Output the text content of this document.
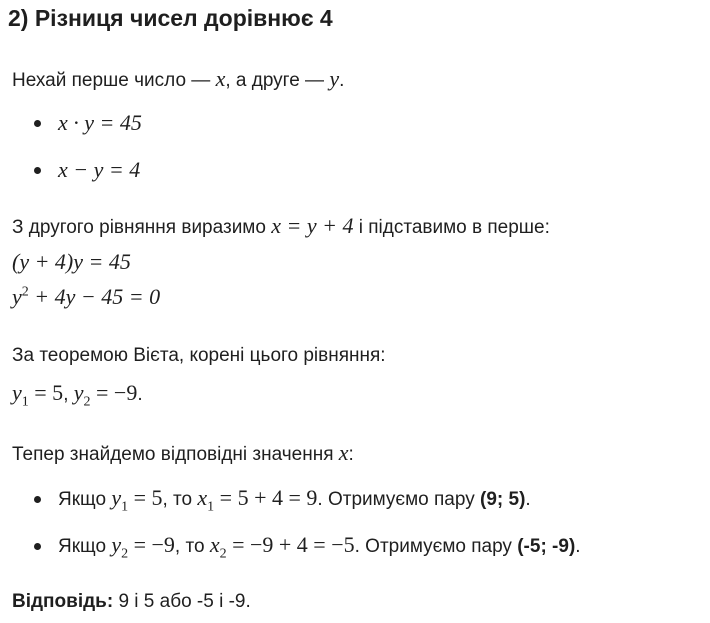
2) Різниця чисел дорівнює 4
Нехай перше число — x, а друге — y.
x · y = 45
x − y = 4
З другого рівняння виразимо x = y + 4 і підставимо в перше:
(y + 4)y = 45
$y^2 + 4y - 45 = 0$
За теоремою Вієта, корені цього рівняння:
$y_1 = 5$, $y_2 = -9$.
Тепер знайдемо відповідні значення x:
Якщо $y_1 = 5$, то $x_1 = 5 + 4 = 9$. Отримуємо пару (9; 5).
Якщо $y_2 = -9$, то $x_2 = -9 + 4 = -5$. Отримуємо пару (-5; -9).
Відповідь: 9 і 5 або -5 і -9.
